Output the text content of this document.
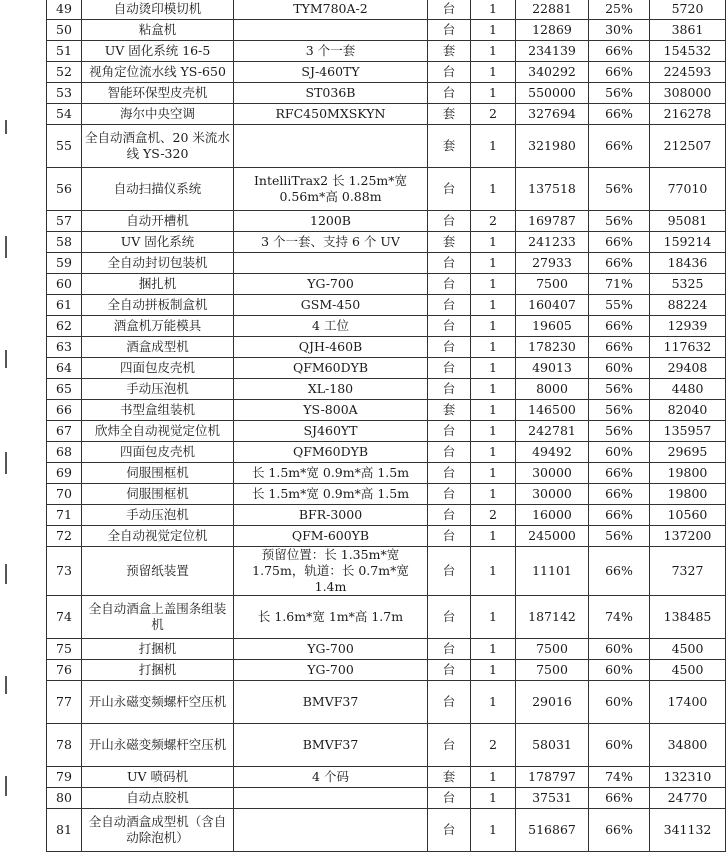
49	自动烫印模切机	TYM780A-2	台	1	22881	25%	5720
50	粘盒机		台	1	12869	30%	3861
51	UV 固化系统 16-5	3 个一套	套	1	234139	66%	154532
52	视角定位流水线 YS-650	SJ-460TY	台	1	340292	66%	224593
53	智能环保型皮壳机	ST036B	台	1	550000	56%	308000
54	海尔中央空调	RFC450MXSKYN	套	2	327694	66%	216278
55	全自动酒盒机、20 米流水线 YS-320		套	1	321980	66%	212507
56	自动扫描仪系统	IntelliTrax2 长 1.25m*宽 0.56m*高 0.88m	台	1	137518	56%	77010
57	自动开槽机	1200B	台	2	169787	56%	95081
58	UV 固化系统	3 个一套、支持 6 个 UV	套	1	241233	66%	159214
59	全自动封切包装机		台	1	27933	66%	18436
60	捆扎机	YG-700	台	1	7500	71%	5325
61	全自动拼板制盒机	GSM-450	台	1	160407	55%	88224
62	酒盒机万能模具	4 工位	台	1	19605	66%	12939
63	酒盒成型机	QJH-460B	台	1	178230	66%	117632
64	四面包皮壳机	QFM60DYB	台	1	49013	60%	29408
65	手动压泡机	XL-180	台	1	8000	56%	4480
66	书型盒组装机	YS-800A	套	1	146500	56%	82040
67	欣炜全自动视觉定位机	SJ460YT	台	1	242781	56%	135957
68	四面包皮壳机	QFM60DYB	台	1	49492	60%	29695
69	伺服围框机	长 1.5m*宽 0.9m*高 1.5m	台	1	30000	66%	19800
70	伺服围框机	长 1.5m*宽 0.9m*高 1.5m	台	1	30000	66%	19800
71	手动压泡机	BFR-3000	台	2	16000	66%	10560
72	全自动视觉定位机	QFM-600YB	台	1	245000	56%	137200
73	预留纸装置	预留位置：长 1.35m*宽 1.75m，轨道：长 0.7m*宽 1.4m	台	1	11101	66%	7327
74	全自动酒盒上盖围条组装机	长 1.6m*宽 1m*高 1.7m	台	1	187142	74%	138485
75	打捆机	YG-700	台	1	7500	60%	4500
76	打捆机	YG-700	台	1	7500	60%	4500
77	开山永磁变频螺杆空压机	BMVF37	台	1	29016	60%	17400
78	开山永磁变频螺杆空压机	BMVF37	台	2	58031	60%	34800
79	UV 喷码机	4 个码	套	1	178797	74%	132310
80	自动点胶机		台	1	37531	66%	24770
81	全自动酒盒成型机（含自动除泡机）		台	1	516867	66%	341132
